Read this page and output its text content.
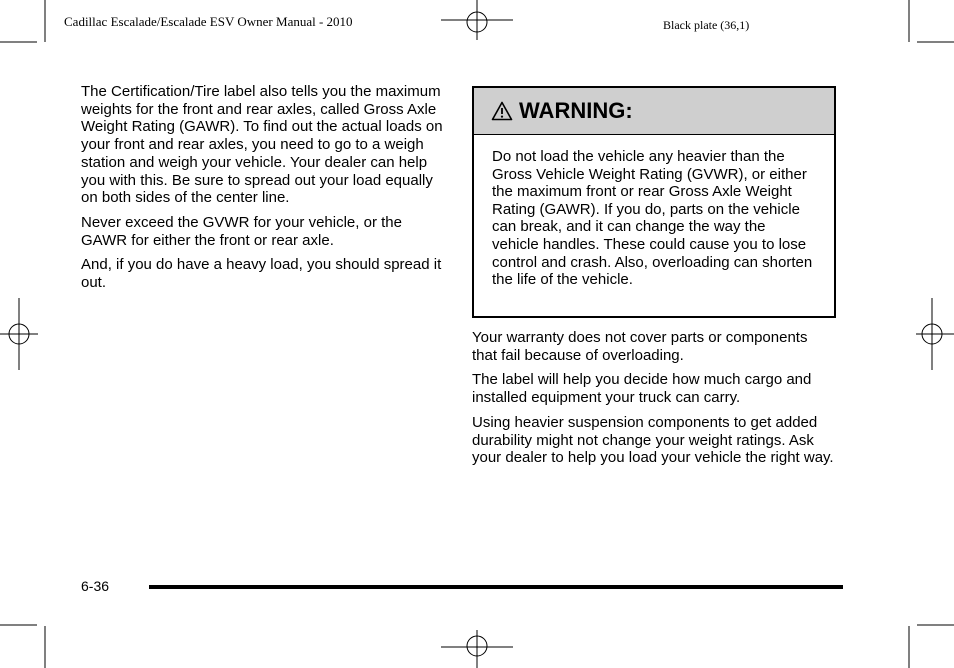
Cadillac Escalade/Escalade ESV Owner Manual - 2010	Black plate (36,1)

The Certification/Tire label also tells you the maximum weights for the front and rear axles, called Gross Axle Weight Rating (GAWR). To find out the actual loads on your front and rear axles, you need to go to a weigh station and weigh your vehicle. Your dealer can help you with this. Be sure to spread out your load equally on both sides of the center line.

Never exceed the GVWR for your vehicle, or the GAWR for either the front or rear axle.

And, if you do have a heavy load, you should spread it out.

WARNING:
Do not load the vehicle any heavier than the Gross Vehicle Weight Rating (GVWR), or either the maximum front or rear Gross Axle Weight Rating (GAWR). If you do, parts on the vehicle can break, and it can change the way the vehicle handles. These could cause you to lose control and crash. Also, overloading can shorten the life of the vehicle.

Your warranty does not cover parts or components that fail because of overloading.

The label will help you decide how much cargo and installed equipment your truck can carry.

Using heavier suspension components to get added durability might not change your weight ratings. Ask your dealer to help you load your vehicle the right way.

6-36
